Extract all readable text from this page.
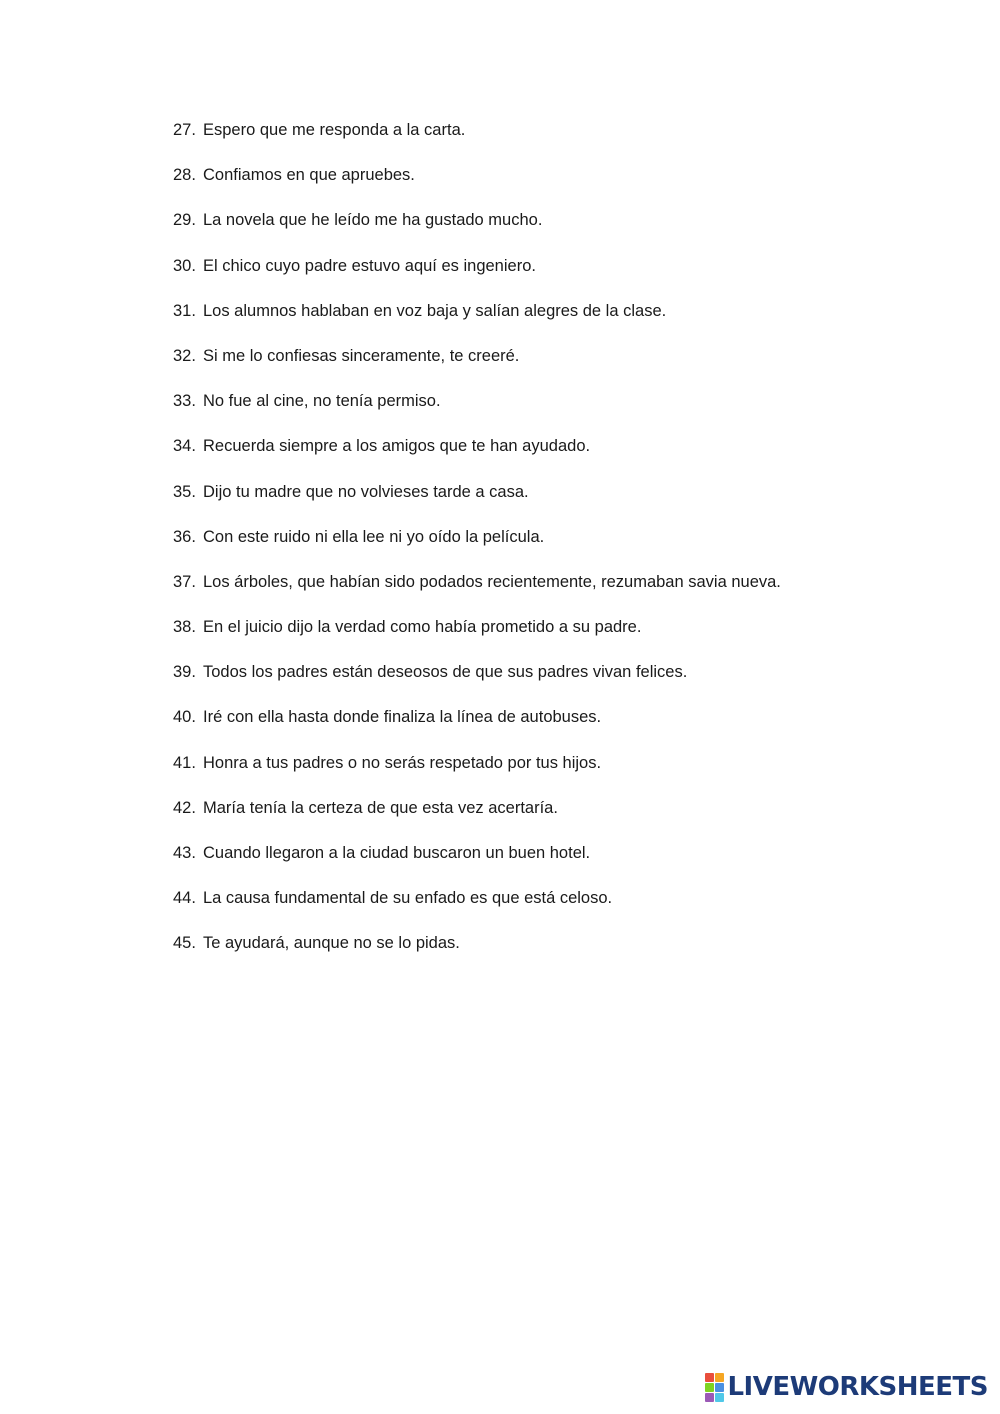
27. Espero que me responda a la carta.
28. Confiamos en que apruebes.
29. La novela que he leído me ha gustado mucho.
30. El chico cuyo padre estuvo aquí es ingeniero.
31. Los alumnos hablaban en voz baja y salían alegres de la clase.
32. Si me lo confiesas sinceramente, te creeré.
33. No fue al cine, no tenía permiso.
34. Recuerda siempre a los amigos que te han ayudado.
35. Dijo tu madre que no volvieses tarde a casa.
36. Con este ruido ni ella lee ni yo oído la película.
37. Los árboles, que habían sido podados recientemente, rezumaban savia nueva.
38. En el juicio dijo la verdad como había prometido a su padre.
39. Todos los padres están deseosos de que sus padres vivan felices.
40. Iré con ella hasta donde finaliza la línea de autobuses.
41. Honra a tus padres o no serás respetado por tus hijos.
42. María tenía la certeza de que esta vez acertaría.
43. Cuando llegaron a la ciudad buscaron un buen hotel.
44. La causa fundamental de su enfado es que está celoso.
45. Te ayudará, aunque no se lo pidas.
LIVEWORKSHEETS
